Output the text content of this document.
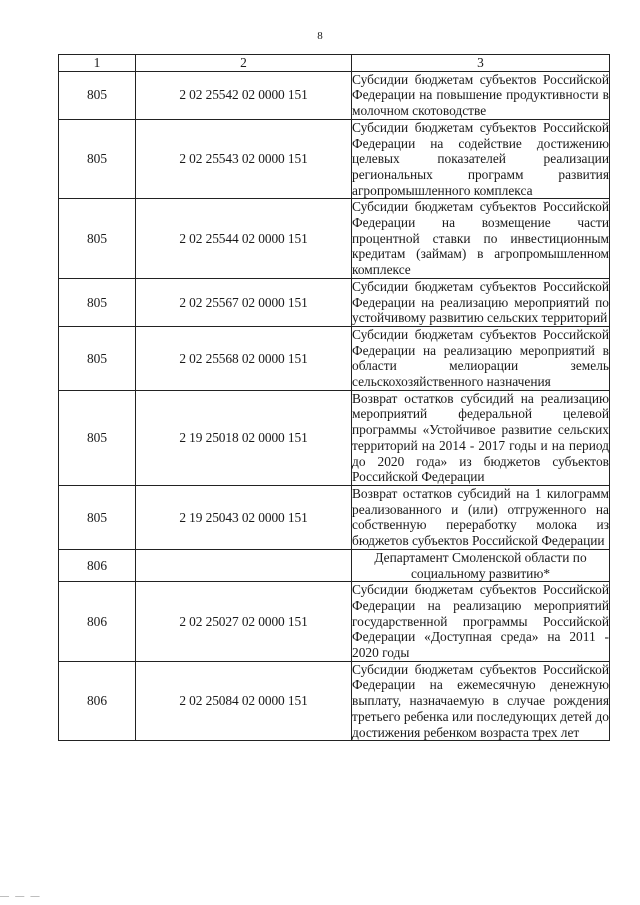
8
1	2	3
805	2 02 25542 02 0000 151	Субсидии бюджетам субъектов Российской Федерации на повышение продуктивности в молочном скотоводстве
805	2 02 25543 02 0000 151	Субсидии бюджетам субъектов Российской Федерации на содействие достижению целевых показателей реализации региональных программ развития агропромышленного комплекса
805	2 02 25544 02 0000 151	Субсидии бюджетам субъектов Российской Федерации на возмещение части процентной ставки по инвестиционным кредитам (займам) в агропромышленном комплексе
805	2 02 25567 02 0000 151	Субсидии бюджетам субъектов Российской Федерации на реализацию мероприятий по устойчивому развитию сельских территорий
805	2 02 25568 02 0000 151	Субсидии бюджетам субъектов Российской Федерации на реализацию мероприятий в области мелиорации земель сельскохозяйственного назначения
805	2 19 25018 02 0000 151	Возврат остатков субсидий на реализацию мероприятий федеральной целевой программы «Устойчивое развитие сельских территорий на 2014 - 2017 годы и на период до 2020 года» из бюджетов субъектов Российской Федерации
805	2 19 25043 02 0000 151	Возврат остатков субсидий на 1 килограмм реализованного и (или) отгруженного на собственную переработку молока из бюджетов субъектов Российской Федерации
806		Департамент Смоленской области по социальному развитию*
806	2 02 25027 02 0000 151	Субсидии бюджетам субъектов Российской Федерации на реализацию мероприятий государственной программы Российской Федерации «Доступная среда» на 2011 - 2020 годы
806	2 02 25084 02 0000 151	Субсидии бюджетам субъектов Российской Федерации на ежемесячную денежную выплату, назначаемую в случае рождения третьего ребенка или последующих детей до достижения ребенком возраста трех лет
— — —
